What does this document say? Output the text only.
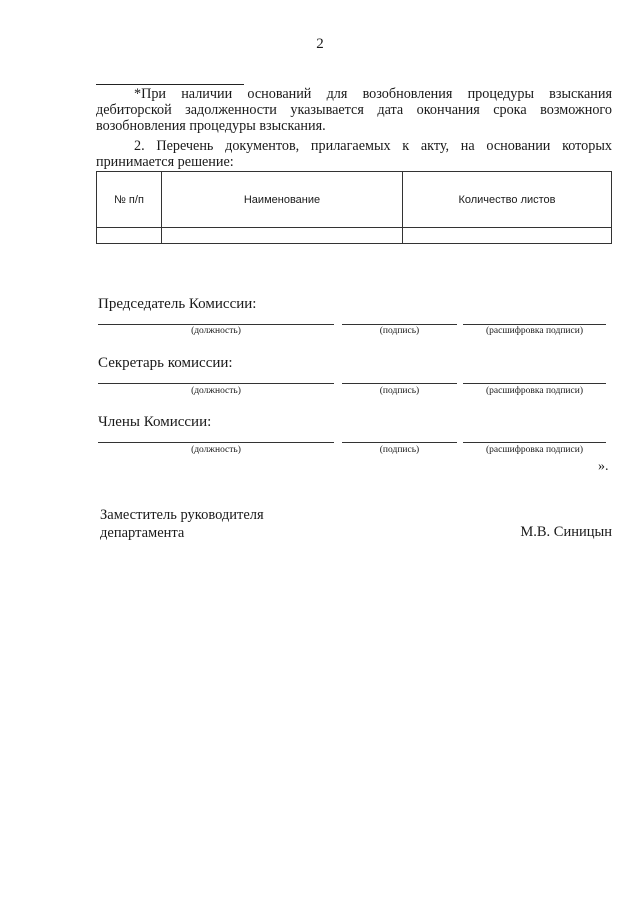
2
*При наличии оснований для возобновления процедуры взыскания дебиторской задолженности указывается дата окончания срока возможного возобновления процедуры взыскания.
2. Перечень документов, прилагаемых к акту, на основании которых принимается решение:
№ п/п	Наименование	Количество листов

Председатель Комиссии:
(должность)	(подпись)	(расшифровка подписи)
Секретарь комиссии:
(должность)	(подпись)	(расшифровка подписи)
Члены Комиссии:
(должность)	(подпись)	(расшифровка подписи)
».
Заместитель руководителя
департамента	М.В. Синицын
